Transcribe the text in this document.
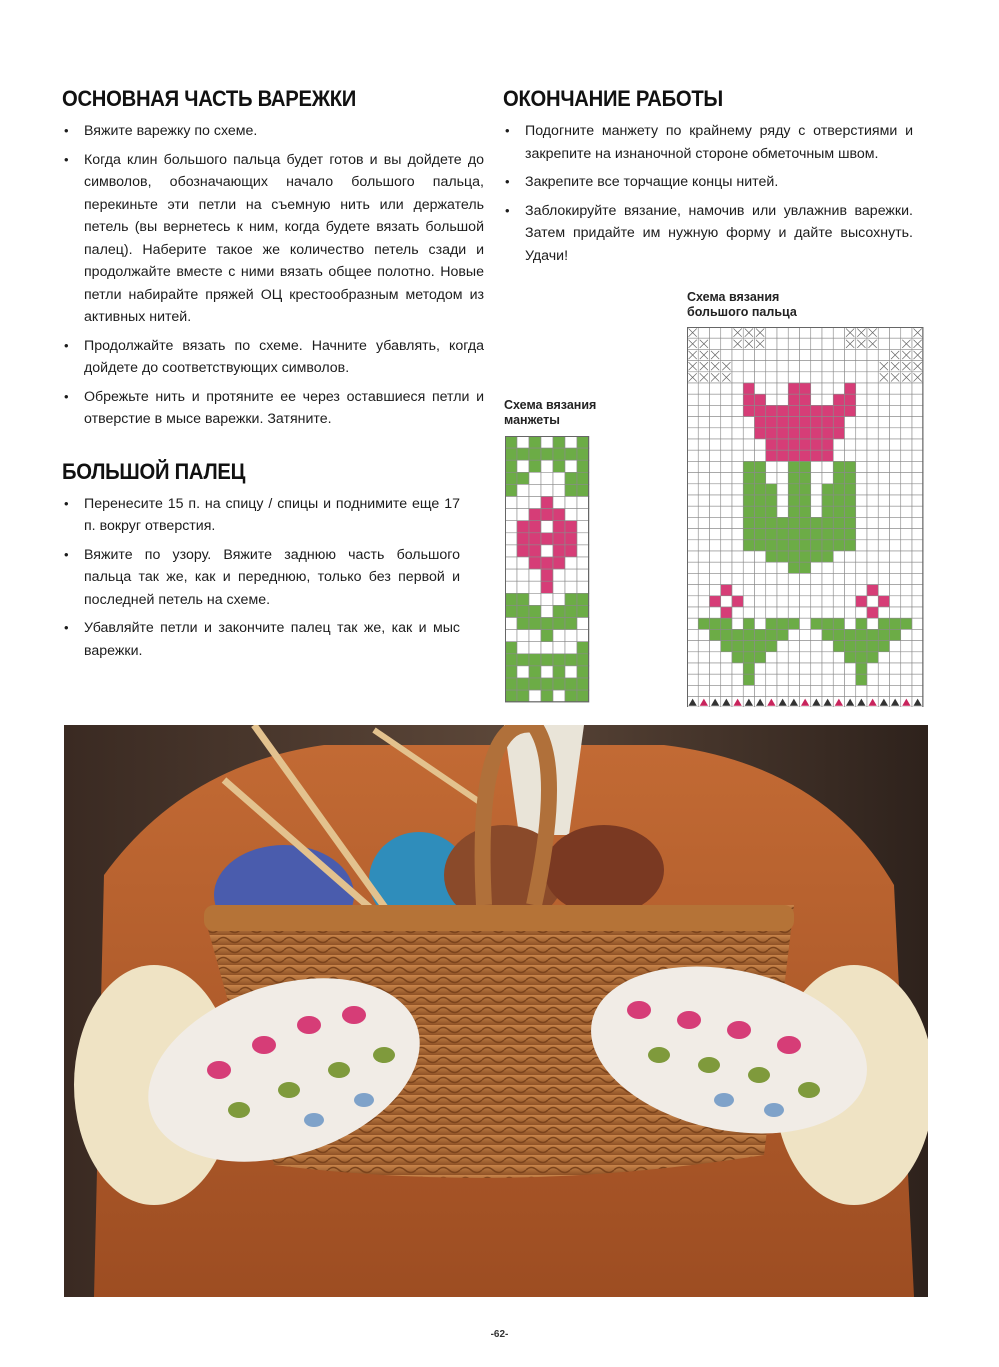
ОСНОВНАЯ ЧАСТЬ ВАРЕЖКИ
• Вяжите варежку по схеме.
• Когда клин большого пальца будет готов и вы дойдете до символов, обозначающих начало большого пальца, перекиньте эти петли на съемную нить или держатель петель (вы вернетесь к ним, когда будете вязать большой палец). Наберите такое же количество петель сзади и продолжайте вместе с ними вязать общее полотно. Новые петли набирайте пряжей ОЦ крестообразным методом из активных нитей.
• Продолжайте вязать по схеме. Начните убавлять, когда дойдете до соответствующих символов.
• Обрежьте нить и протяните ее через оставшиеся петли и отверстие в мысе варежки. Затяните.
БОЛЬШОЙ ПАЛЕЦ
• Перенесите 15 п. на спицу / спицы и поднимите еще 17 п. вокруг отверстия.
• Вяжите по узору. Вяжите заднюю часть большого пальца так же, как и переднюю, только без первой и последней петель на схеме.
• Убавляйте петли и закончите палец так же, как и мыс варежки.
ОКОНЧАНИЕ РАБОТЫ
• Подогните манжету по крайнему ряду с отверстиями и закрепите на изнаночной стороне обметочным швом.
• Закрепите все торчащие концы нитей.
• Заблокируйте вязание, намочив или увлажнив варежки. Затем придайте им нужную форму и дайте высохнуть. Удачи!
Схема вязания
большого пальца
Схема вязания
манжеты
-62-
